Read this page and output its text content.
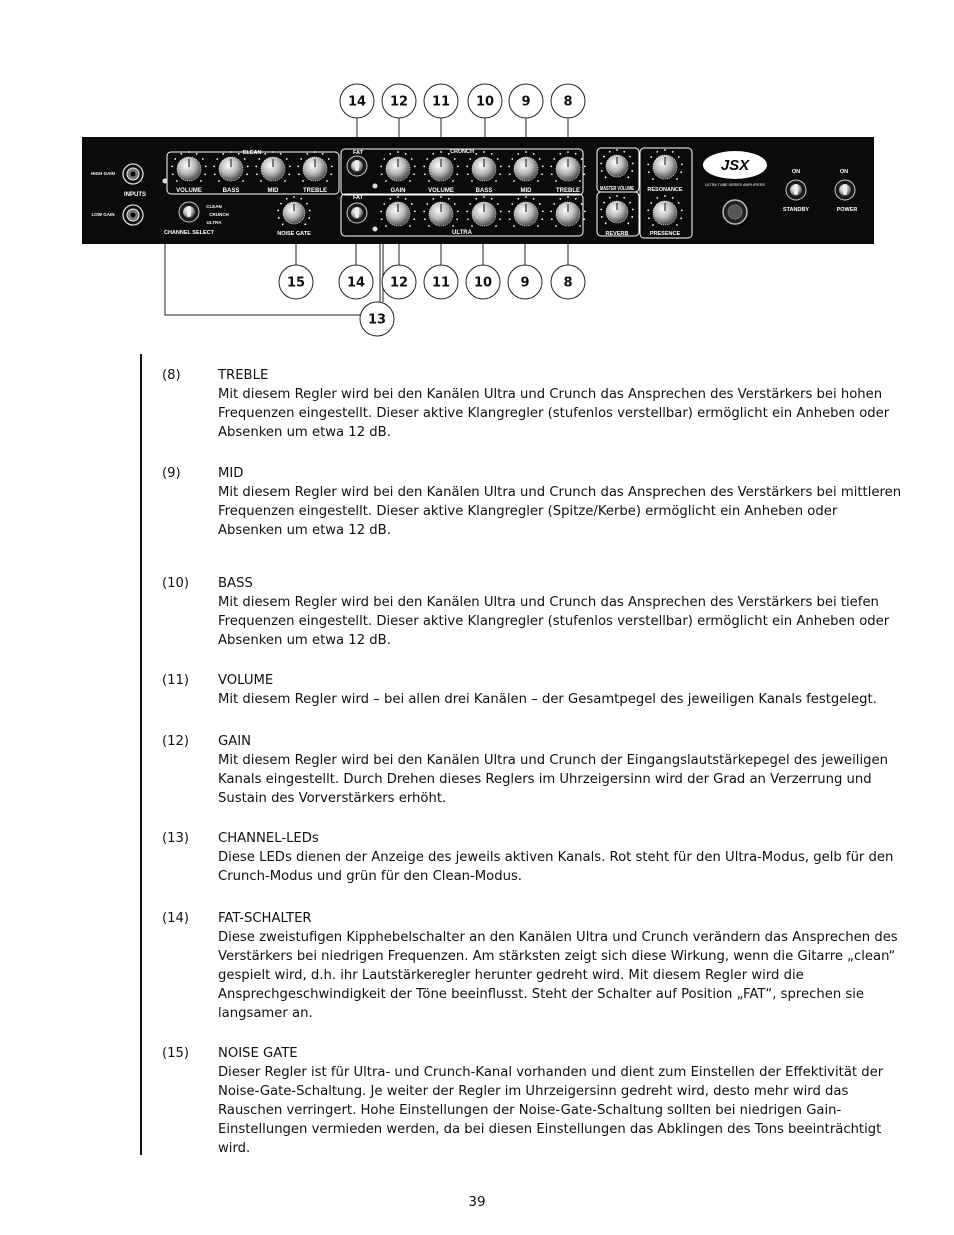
HIGH GAIN
LOW GAIN
INPUTS
CLEAN
VOLUME	BASS	MID	TREBLE
CHANNEL SELECT
CLEAN
CRUNCH
ULTRA
NOISE GATE
FAT
FAT
CRUNCH
GAIN	VOLUME	BASS	MID	TREBLE
ULTRA
MASTER VOLUME
REVERB
RESONANCE
PRESENCE
JSX
ULTRA TUBE SERIES AMPLIFIERS
ON	ON
STANDBY	POWER
14 12 11 10 9	8
15	14 12 11 10 9	8
13
(8)	TREBLE
Mit diesem Regler wird bei den Kanälen Ultra und Crunch das Ansprechen des Verstärkers bei hohen Frequenzen eingestellt. Dieser aktive Klangregler (stufenlos verstellbar) ermöglicht ein Anheben oder Absenken um etwa 12 dB.
(9)	MID
Mit diesem Regler wird bei den Kanälen Ultra und Crunch das Ansprechen des Verstärkers bei mittleren Frequenzen eingestellt. Dieser aktive Klangregler (Spitze/Kerbe) ermöglicht ein Anheben oder Absenken um etwa 12 dB.
(10) BASS
Mit diesem Regler wird bei den Kanälen Ultra und Crunch das Ansprechen des Verstärkers bei tiefen Frequenzen eingestellt. Dieser aktive Klangregler (stufenlos verstellbar) ermöglicht ein Anheben oder Absenken um etwa 12 dB.
(11) VOLUME
Mit diesem Regler wird – bei allen drei Kanälen – der Gesamtpegel des jeweiligen Kanals festgelegt.
(12) GAIN
Mit diesem Regler wird bei den Kanälen Ultra und Crunch der Eingangslautstärkepegel des jeweiligen Kanals eingestellt. Durch Drehen dieses Reglers im Uhrzeigersinn wird der Grad an Verzerrung und Sustain des Vorverstärkers erhöht.
(13) CHANNEL-LEDs
Diese LEDs dienen der Anzeige des jeweils aktiven Kanals. Rot steht für den Ultra-Modus, gelb für den Crunch-Modus und grün für den Clean-Modus.
(14) FAT-SCHALTER
Diese zweistufigen Kipphebelschalter an den Kanälen Ultra und Crunch verändern das Ansprechen des Verstärkers bei niedrigen Frequenzen. Am stärksten zeigt sich diese Wirkung, wenn die Gitarre „clean“ gespielt wird, d.h. ihr Lautstärkeregler herunter gedreht wird. Mit diesem Regler wird die Ansprechgeschwindigkeit der Töne beeinflusst. Steht der Schalter auf Position „FAT“, sprechen sie langsamer an.
(15) NOISE GATE
Dieser Regler ist für Ultra- und Crunch-Kanal vorhanden und dient zum Einstellen der Effektivität der Noise-Gate-Schaltung. Je weiter der Regler im Uhrzeigersinn gedreht wird, desto mehr wird das Rauschen verringert. Hohe Einstellungen der Noise-Gate-Schaltung sollten bei niedrigen Gain-Einstellungen vermieden werden, da bei diesen Einstellungen das Abklingen des Tons beeinträchtigt wird.
39
